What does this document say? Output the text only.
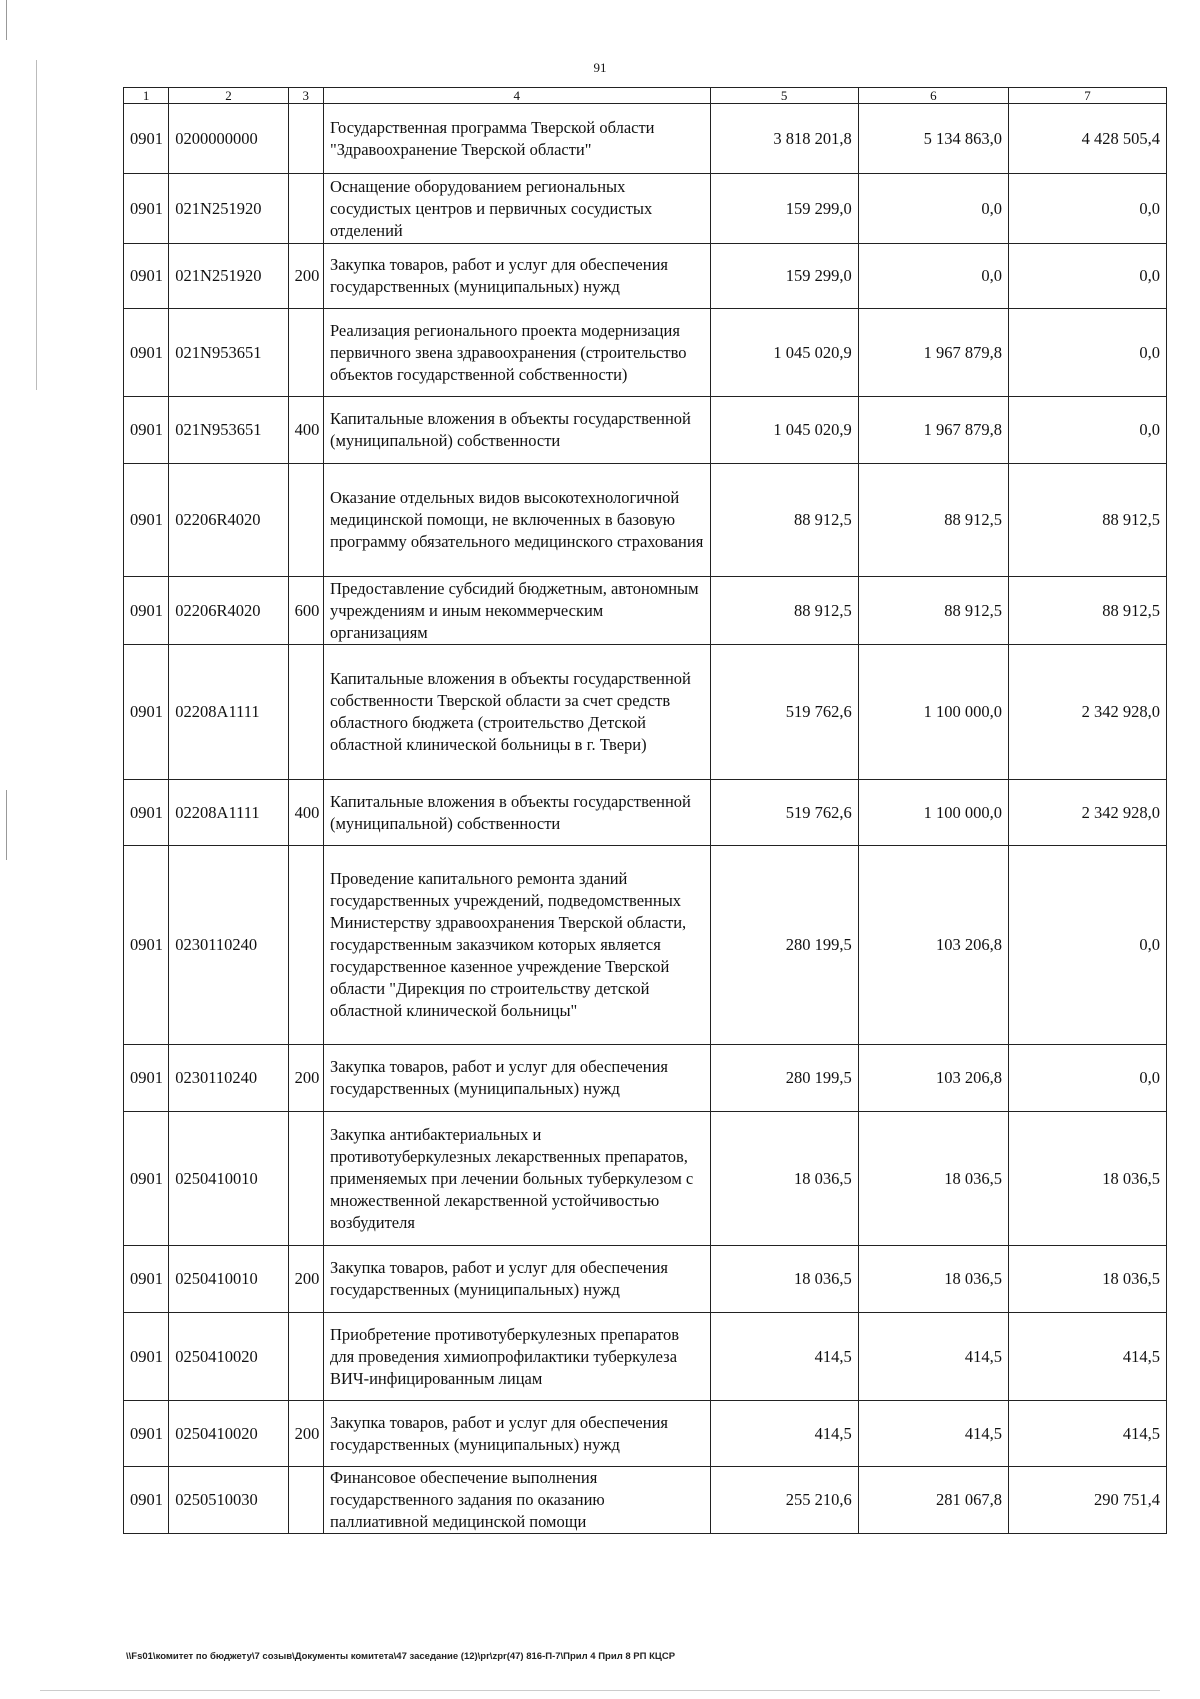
91
1	2	3	4	5	6	7
0901	0200000000		Государственная программа Тверской области "Здравоохранение Тверской области"	3 818 201,8	5 134 863,0	4 428 505,4
0901	021N251920		Оснащение оборудованием региональных сосудистых центров и первичных сосудистых отделений	159 299,0	0,0	0,0
0901	021N251920	200	Закупка товаров, работ и услуг для обеспечения государственных (муниципальных) нужд	159 299,0	0,0	0,0
0901	021N953651		Реализация регионального проекта модернизация первичного звена здравоохранения (строительство объектов государственной собственности)	1 045 020,9	1 967 879,8	0,0
0901	021N953651	400	Капитальные вложения в объекты государственной (муниципальной) собственности	1 045 020,9	1 967 879,8	0,0
0901	02206R4020		Оказание отдельных видов высокотехнологичной медицинской помощи, не включенных в базовую программу обязательного медицинского страхования	88 912,5	88 912,5	88 912,5
0901	02206R4020	600	Предоставление субсидий бюджетным, автономным учреждениям и иным некоммерческим организациям	88 912,5	88 912,5	88 912,5
0901	02208A1111		Капитальные вложения в объекты государственной собственности Тверской области за счет средств областного бюджета (строительство Детской областной клинической больницы в г. Твери)	519 762,6	1 100 000,0	2 342 928,0
0901	02208A1111	400	Капитальные вложения в объекты государственной (муниципальной) собственности	519 762,6	1 100 000,0	2 342 928,0
0901	0230110240		Проведение капитального ремонта зданий государственных учреждений, подведомственных Министерству здравоохранения Тверской области, государственным заказчиком которых является государственное казенное учреждение Тверской области "Дирекция по строительству детской областной клинической больницы"	280 199,5	103 206,8	0,0
0901	0230110240	200	Закупка товаров, работ и услуг для обеспечения государственных (муниципальных) нужд	280 199,5	103 206,8	0,0
0901	0250410010		Закупка антибактериальных и противотуберкулезных лекарственных препаратов, применяемых при лечении больных туберкулезом с множественной лекарственной устойчивостью возбудителя	18 036,5	18 036,5	18 036,5
0901	0250410010	200	Закупка товаров, работ и услуг для обеспечения государственных (муниципальных) нужд	18 036,5	18 036,5	18 036,5
0901	0250410020		Приобретение противотуберкулезных препаратов для проведения химиопрофилактики туберкулеза ВИЧ-инфицированным лицам	414,5	414,5	414,5
0901	0250410020	200	Закупка товаров, работ и услуг для обеспечения государственных (муниципальных) нужд	414,5	414,5	414,5
0901	0250510030		Финансовое обеспечение выполнения государственного задания по оказанию паллиативной медицинской помощи	255 210,6	281 067,8	290 751,4
\\Fs01\комитет по бюджету\7 созыв\Документы комитета\47 заседание (12)\pr\zpr(47) 816-П-7\Прил 4 Прил 8 РП КЦСР
